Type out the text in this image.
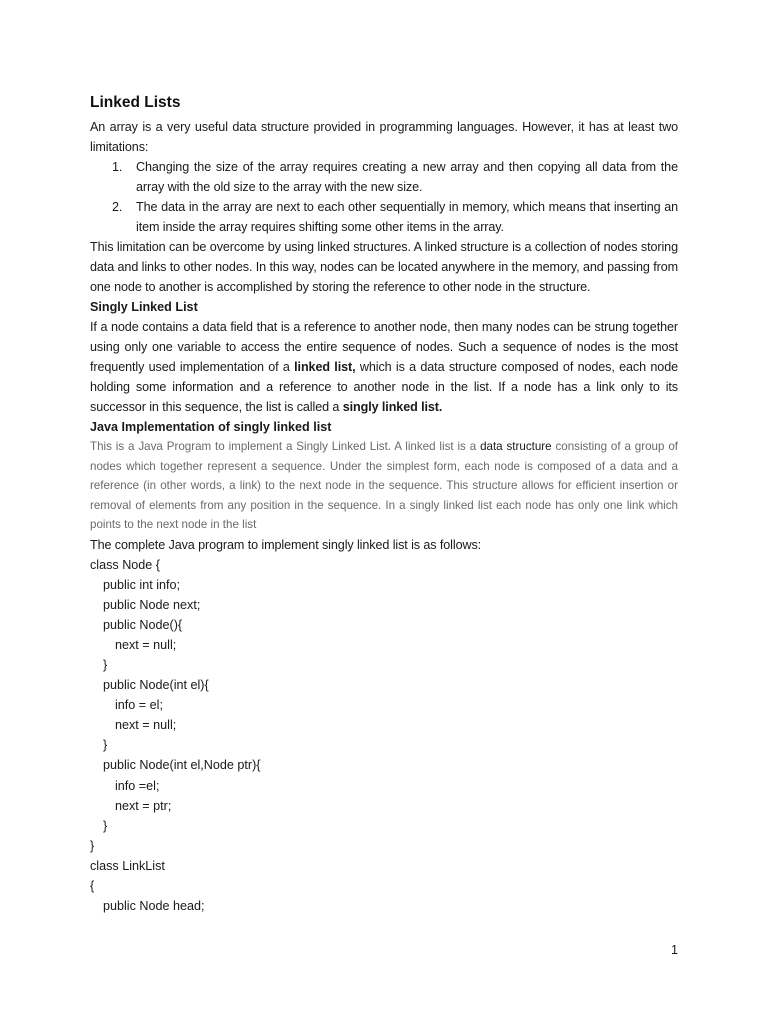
Linked Lists

An array is a very useful data structure provided in programming languages. However, it has at least two limitations:

1. Changing the size of the array requires creating a new array and then copying all data from the array with the old size to the array with the new size.
2. The data in the array are next to each other sequentially in memory, which means that inserting an item inside the array requires shifting some other items in the array.

This limitation can be overcome by using linked structures. A linked structure is a collection of nodes storing data and links to other nodes. In this way, nodes can be located anywhere in the memory, and passing from one node to another is accomplished by storing the reference to other node in the structure.

Singly Linked List

If a node contains a data field that is a reference to another node, then many nodes can be strung together using only one variable to access the entire sequence of nodes. Such a sequence of nodes is the most frequently used implementation of a linked list, which is a data structure composed of nodes, each node holding some information and a reference to another node in the list. If a node has a link only to its successor in this sequence, the list is called a singly linked list.

Java Implementation of singly linked list

This is a Java Program to implement a Singly Linked List. A linked list is a data structure consisting of a group of nodes which together represent a sequence. Under the simplest form, each node is composed of a data and a reference (in other words, a link) to the next node in the sequence. This structure allows for efficient insertion or removal of elements from any position in the sequence. In a singly linked list each node has only one link which points to the next node in the list

The complete Java program to implement singly linked list is as follows:

class Node {
public int info;
public Node next;
public Node(){
next = null;
}
public Node(int el){
info = el;
next = null;
}
public Node(int el,Node ptr){
info =el;
next = ptr;
}
}
class LinkList
{
public Node head;
1
